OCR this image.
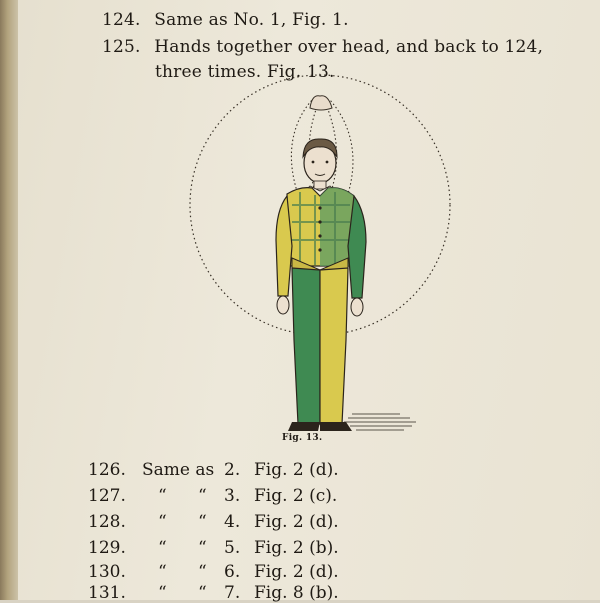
124. Same as No. 1, Fig. 1.
125. Hands together over head, and back to 124,
three times. Fig. 13.
Fig. 13.
126. Same as 2. Fig. 2 (d).
127. “ “ 3. Fig. 2 (c).
128. “ “ 4. Fig. 2 (d).
129. “ “ 5. Fig. 2 (b).
130. “ “ 6. Fig. 2 (d).
131. “ “ 7. Fig. 8 (b).
